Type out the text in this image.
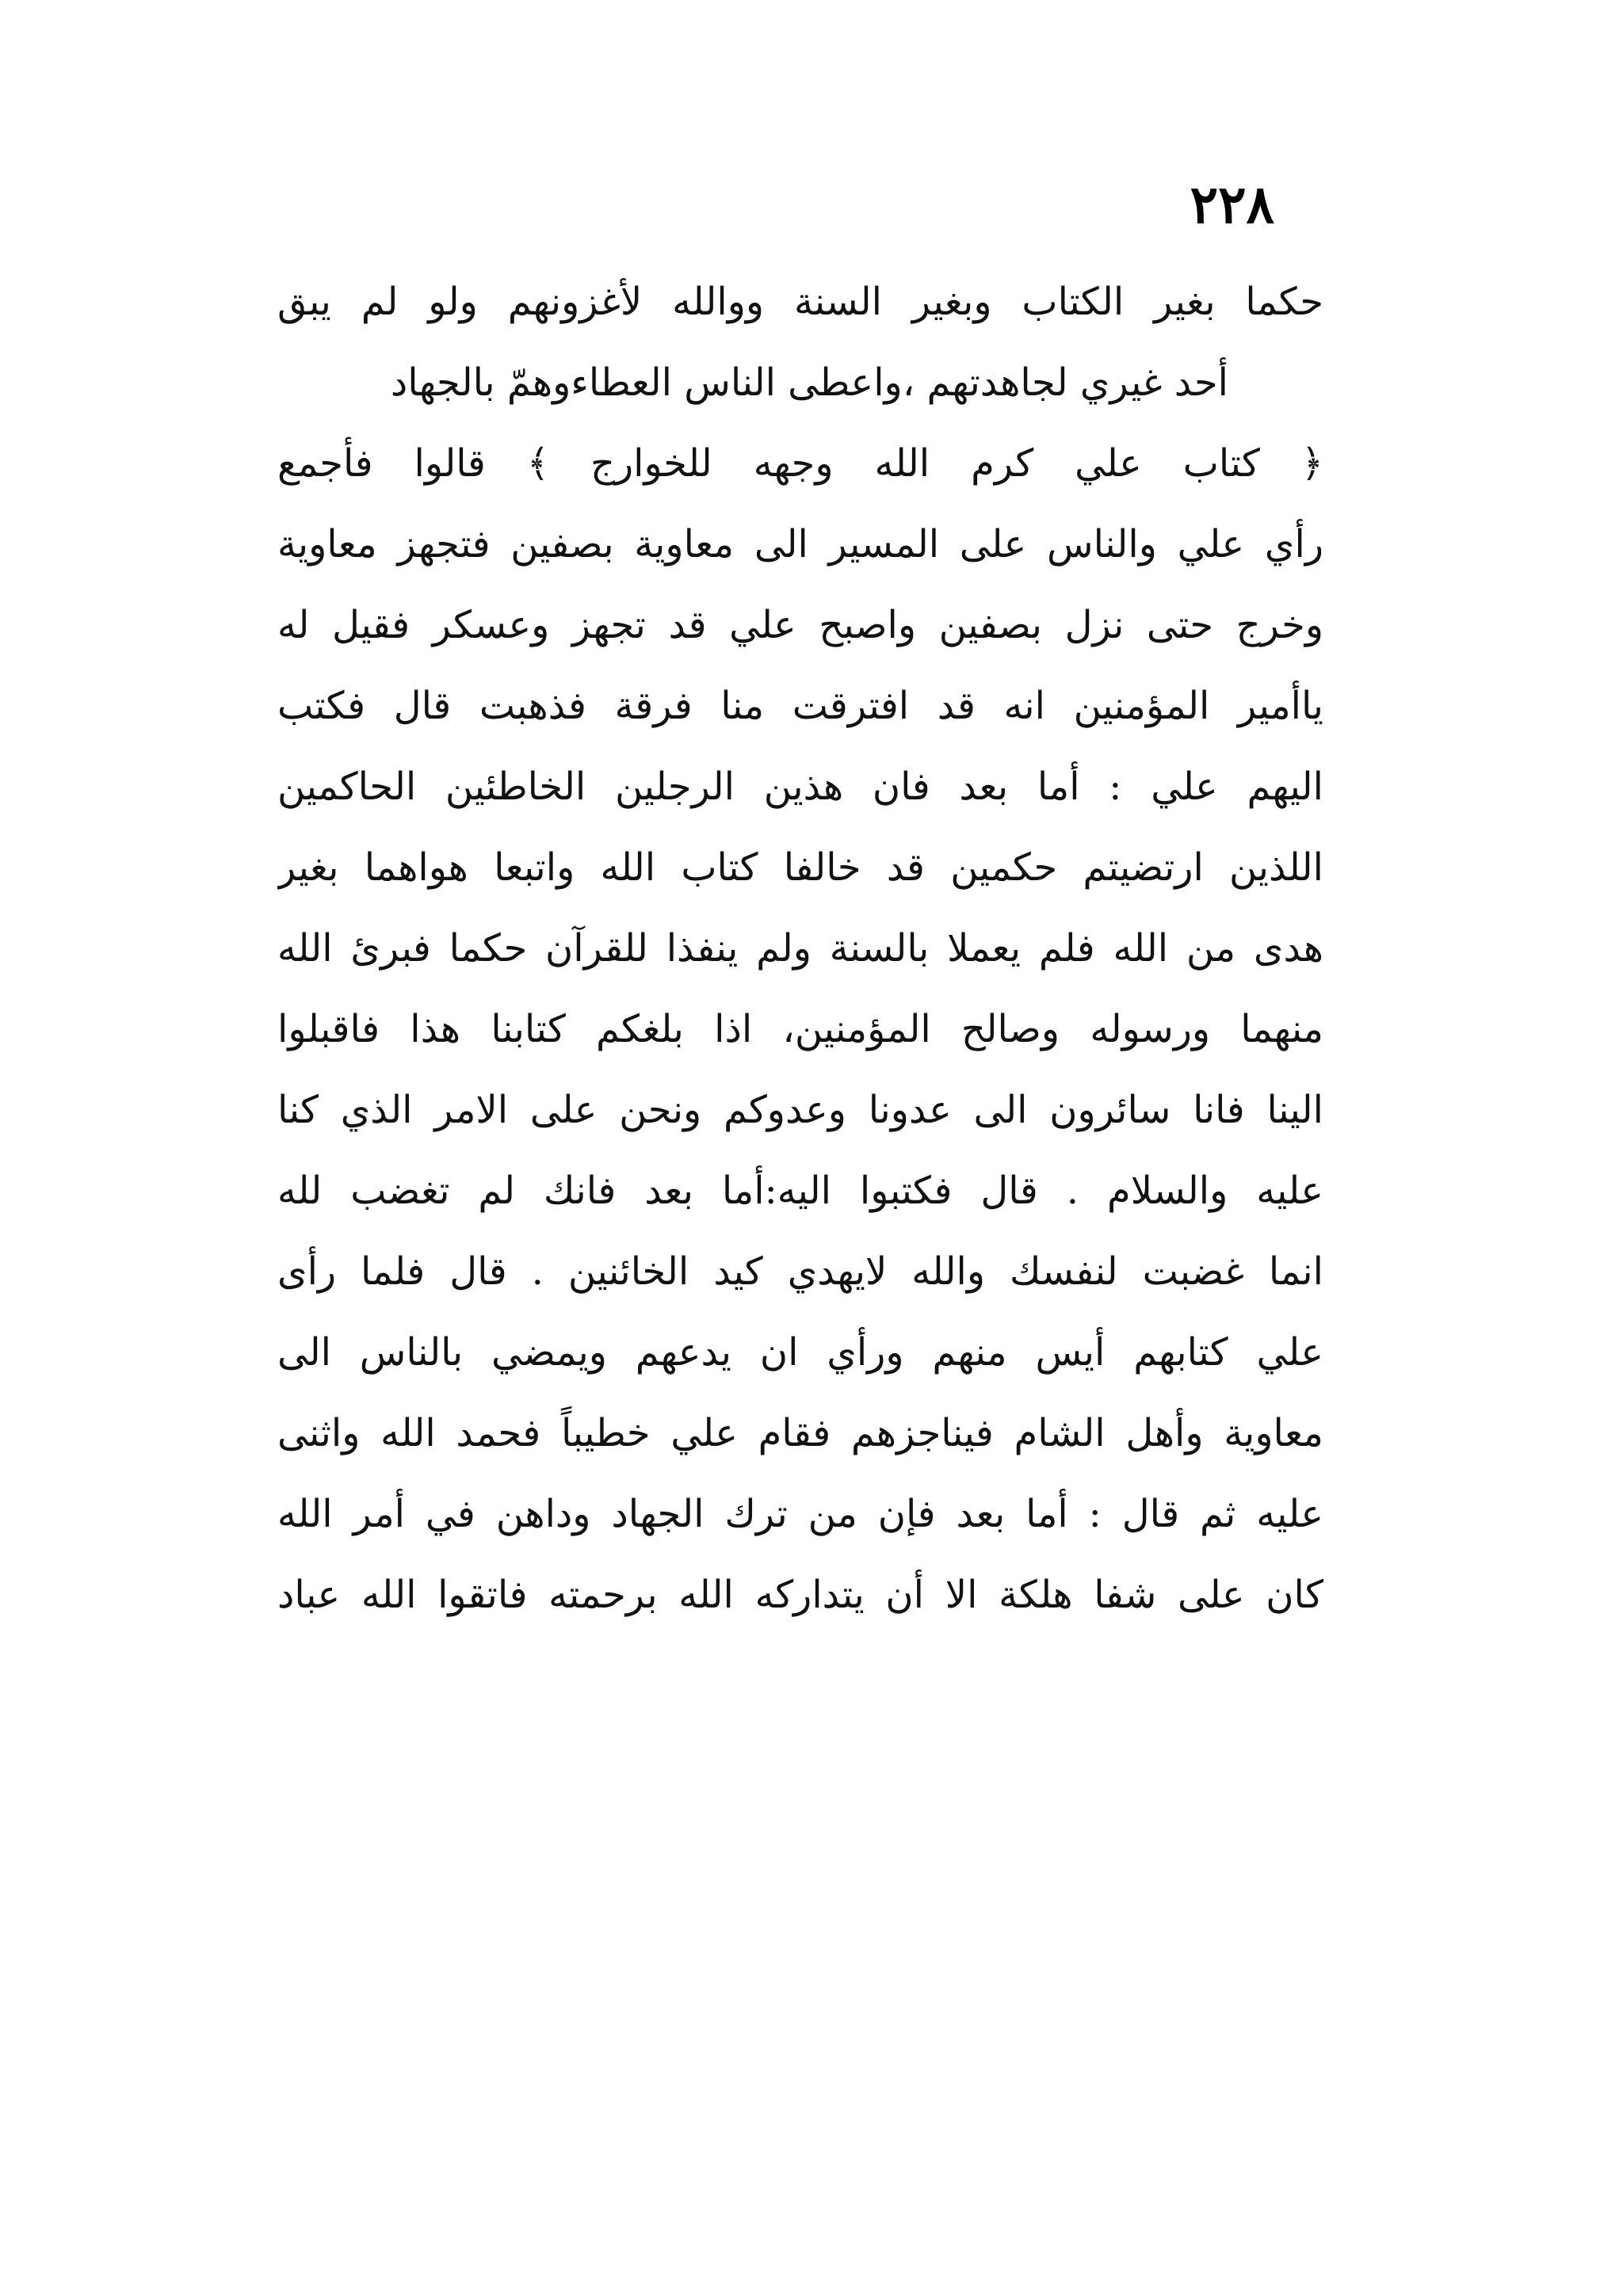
٢٢٨
حكما بغير الكتاب وبغير السنة ووالله لأغزونهم ولو لم يبق
أحد غيري لجاهدتهم ،واعطى الناس العطاءوهمّ بالجهاد
﴿ كتاب علي كرم الله وجهه للخوارج ﴾ قالوا فأجمع
رأي علي والناس على المسير الى معاوية بصفين فتجهز معاوية
وخرج حتى نزل بصفين واصبح علي قد تجهز وعسكر فقيل له
ياأمير المؤمنين انه قد افترقت منا فرقة فذهبت قال فكتب
اليهم علي : أما بعد فان هذين الرجلين الخاطئين الحاكمين
اللذين ارتضيتم حكمين قد خالفا كتاب الله واتبعا هواهما بغير
هدى من الله فلم يعملا بالسنة ولم ينفذا للقرآن حكما فبرئ الله
منهما ورسوله وصالح المؤمنين، اذا بلغكم كتابنا هذا فاقبلوا
الينا فانا سائرون الى عدونا وعدوكم ونحن على الامر الذي كنا
عليه والسلام . قال فكتبوا اليه:أما بعد فانك لم تغضب لله
انما غضبت لنفسك والله لايهدي كيد الخائنين . قال فلما رأى
علي كتابهم أيس منهم ورأي ان يدعهم ويمضي بالناس الى
معاوية وأهل الشام فيناجزهم فقام علي خطيباً فحمد الله واثنى
عليه ثم قال : أما بعد فإن من ترك الجهاد وداهن في أمر الله
كان على شفا هلكة الا أن يتداركه الله برحمته فاتقوا الله عباد
